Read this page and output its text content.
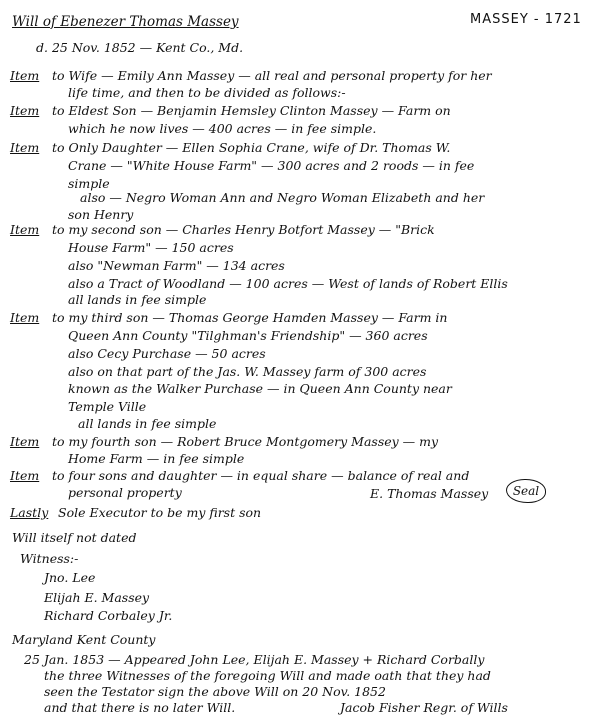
Will of Ebenezer Thomas Massey	MASSEY - 1721
d. 25 Nov. 1852 — Kent Co., Md.
Item to Wife — Emily Ann Massey — all real and personal property for her
life time, and then to be divided as follows:-
Item to Eldest Son — Benjamin Hemsley Clinton Massey — Farm on
which he now lives — 400 acres — in fee simple.
Item to Only Daughter — Ellen Sophia Crane, wife of Dr. Thomas W.
Crane — "White House Farm" — 300 acres and 2 roods — in fee
simple
also — Negro Woman Ann and Negro Woman Elizabeth and her
son Henry
Item to my second son — Charles Henry Botfort Massey — "Brick
House Farm" — 150 acres
also "Newman Farm" — 134 acres
also a Tract of Woodland — 100 acres — West of lands of Robert Ellis
all lands in fee simple
Item to my third son — Thomas George Hamden Massey — Farm in
Queen Ann County "Tilghman's Friendship" — 360 acres
also Cecy Purchase — 50 acres
also on that part of the Jas. W. Massey farm of 300 acres
known as the Walker Purchase — in Queen Ann County near
Temple Ville
all lands in fee simple
Item to my fourth son — Robert Bruce Montgomery Massey — my
Home Farm — in fee simple
Item to four sons and daughter — in equal share — balance of real and
personal property
Lastly Sole Executor to be my first son
E. Thomas Massey Seal
Will itself not dated
Witness:-
Jno. Lee
Elijah E. Massey
Richard Corbaley Jr.
Maryland Kent County
25 Jan. 1853 — Appeared John Lee, Elijah E. Massey + Richard Corbally
the three Witnesses of the foregoing Will and made oath that they had
seen the Testator sign the above Will on 20 Nov. 1852
and that there is no later Will.	Jacob Fisher Regr. of Wills
